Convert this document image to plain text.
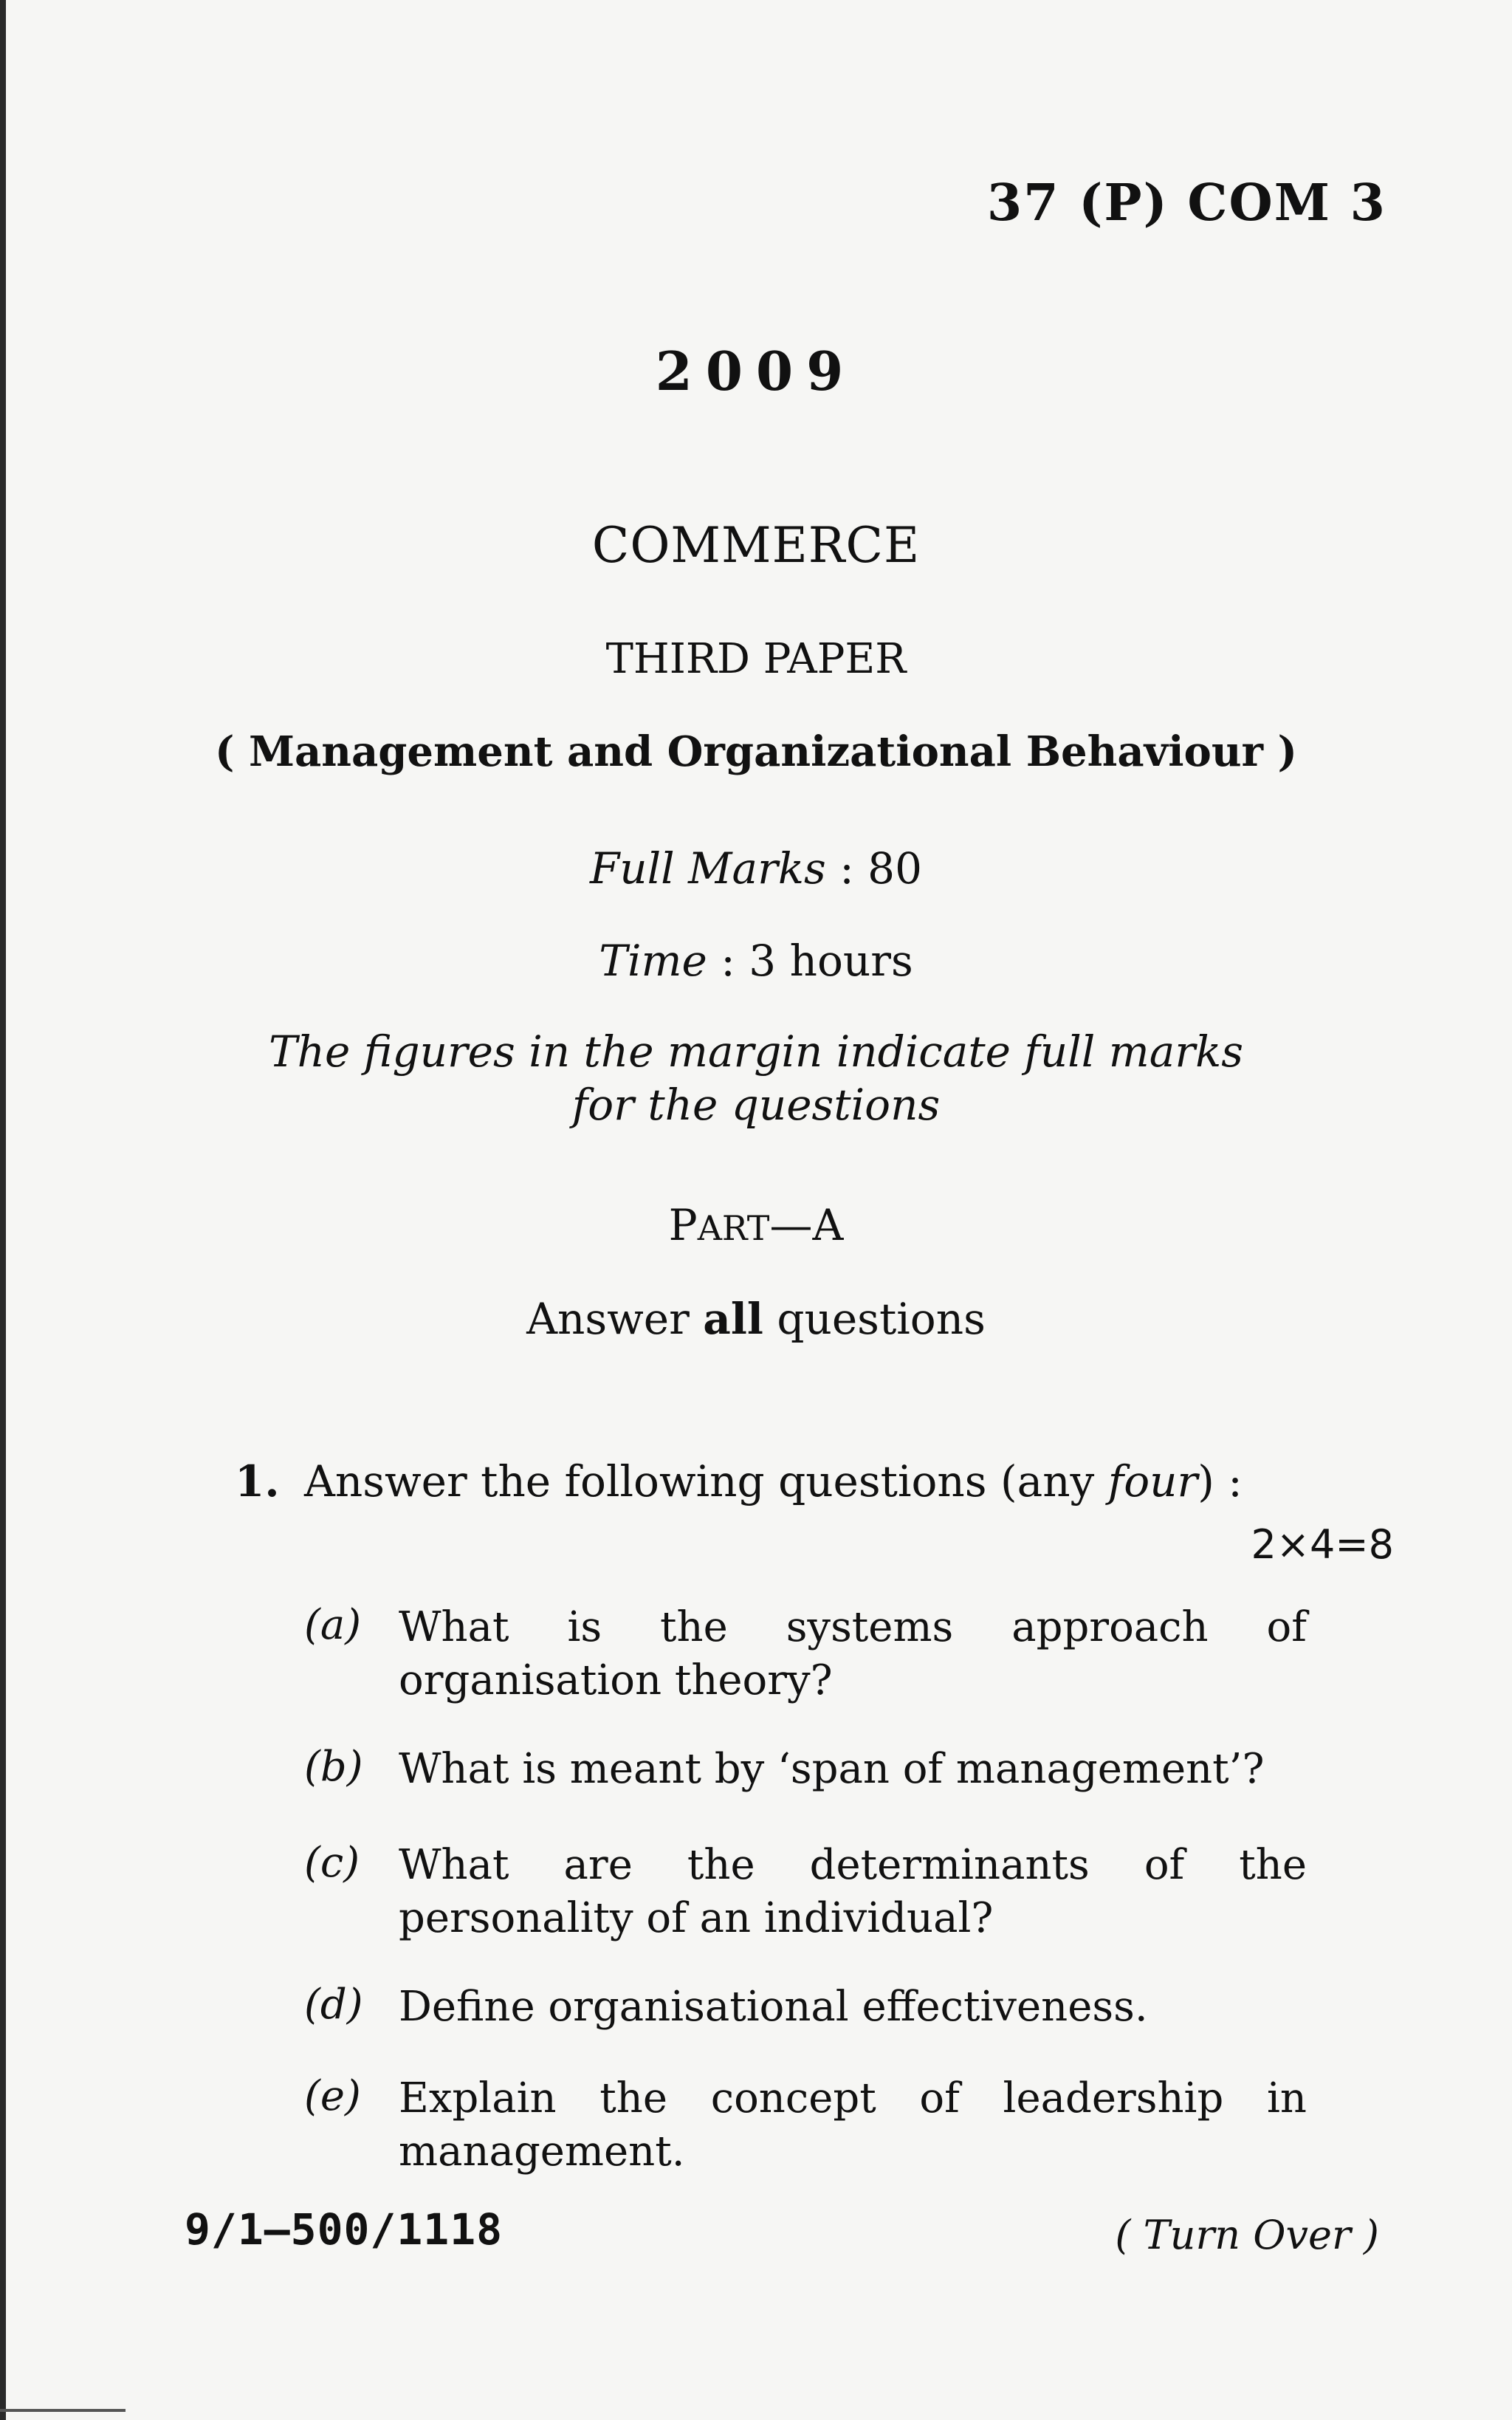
37 (P) COM 3
2009
COMMERCE
THIRD PAPER
( Management and Organizational Behaviour )
Full Marks : 80
Time : 3 hours
The figures in the margin indicate full marks
for the questions
PART—A
Answer all questions
1. Answer the following questions (any four) :
2×4=8
(a) What is the systems approach of organisation theory?
(b) What is meant by ‘span of management’?
(c) What are the determinants of the personality of an individual?
(d) Define organisational effectiveness.
(e) Explain the concept of leadership in management.
9/1—500/1118	( Turn Over )
